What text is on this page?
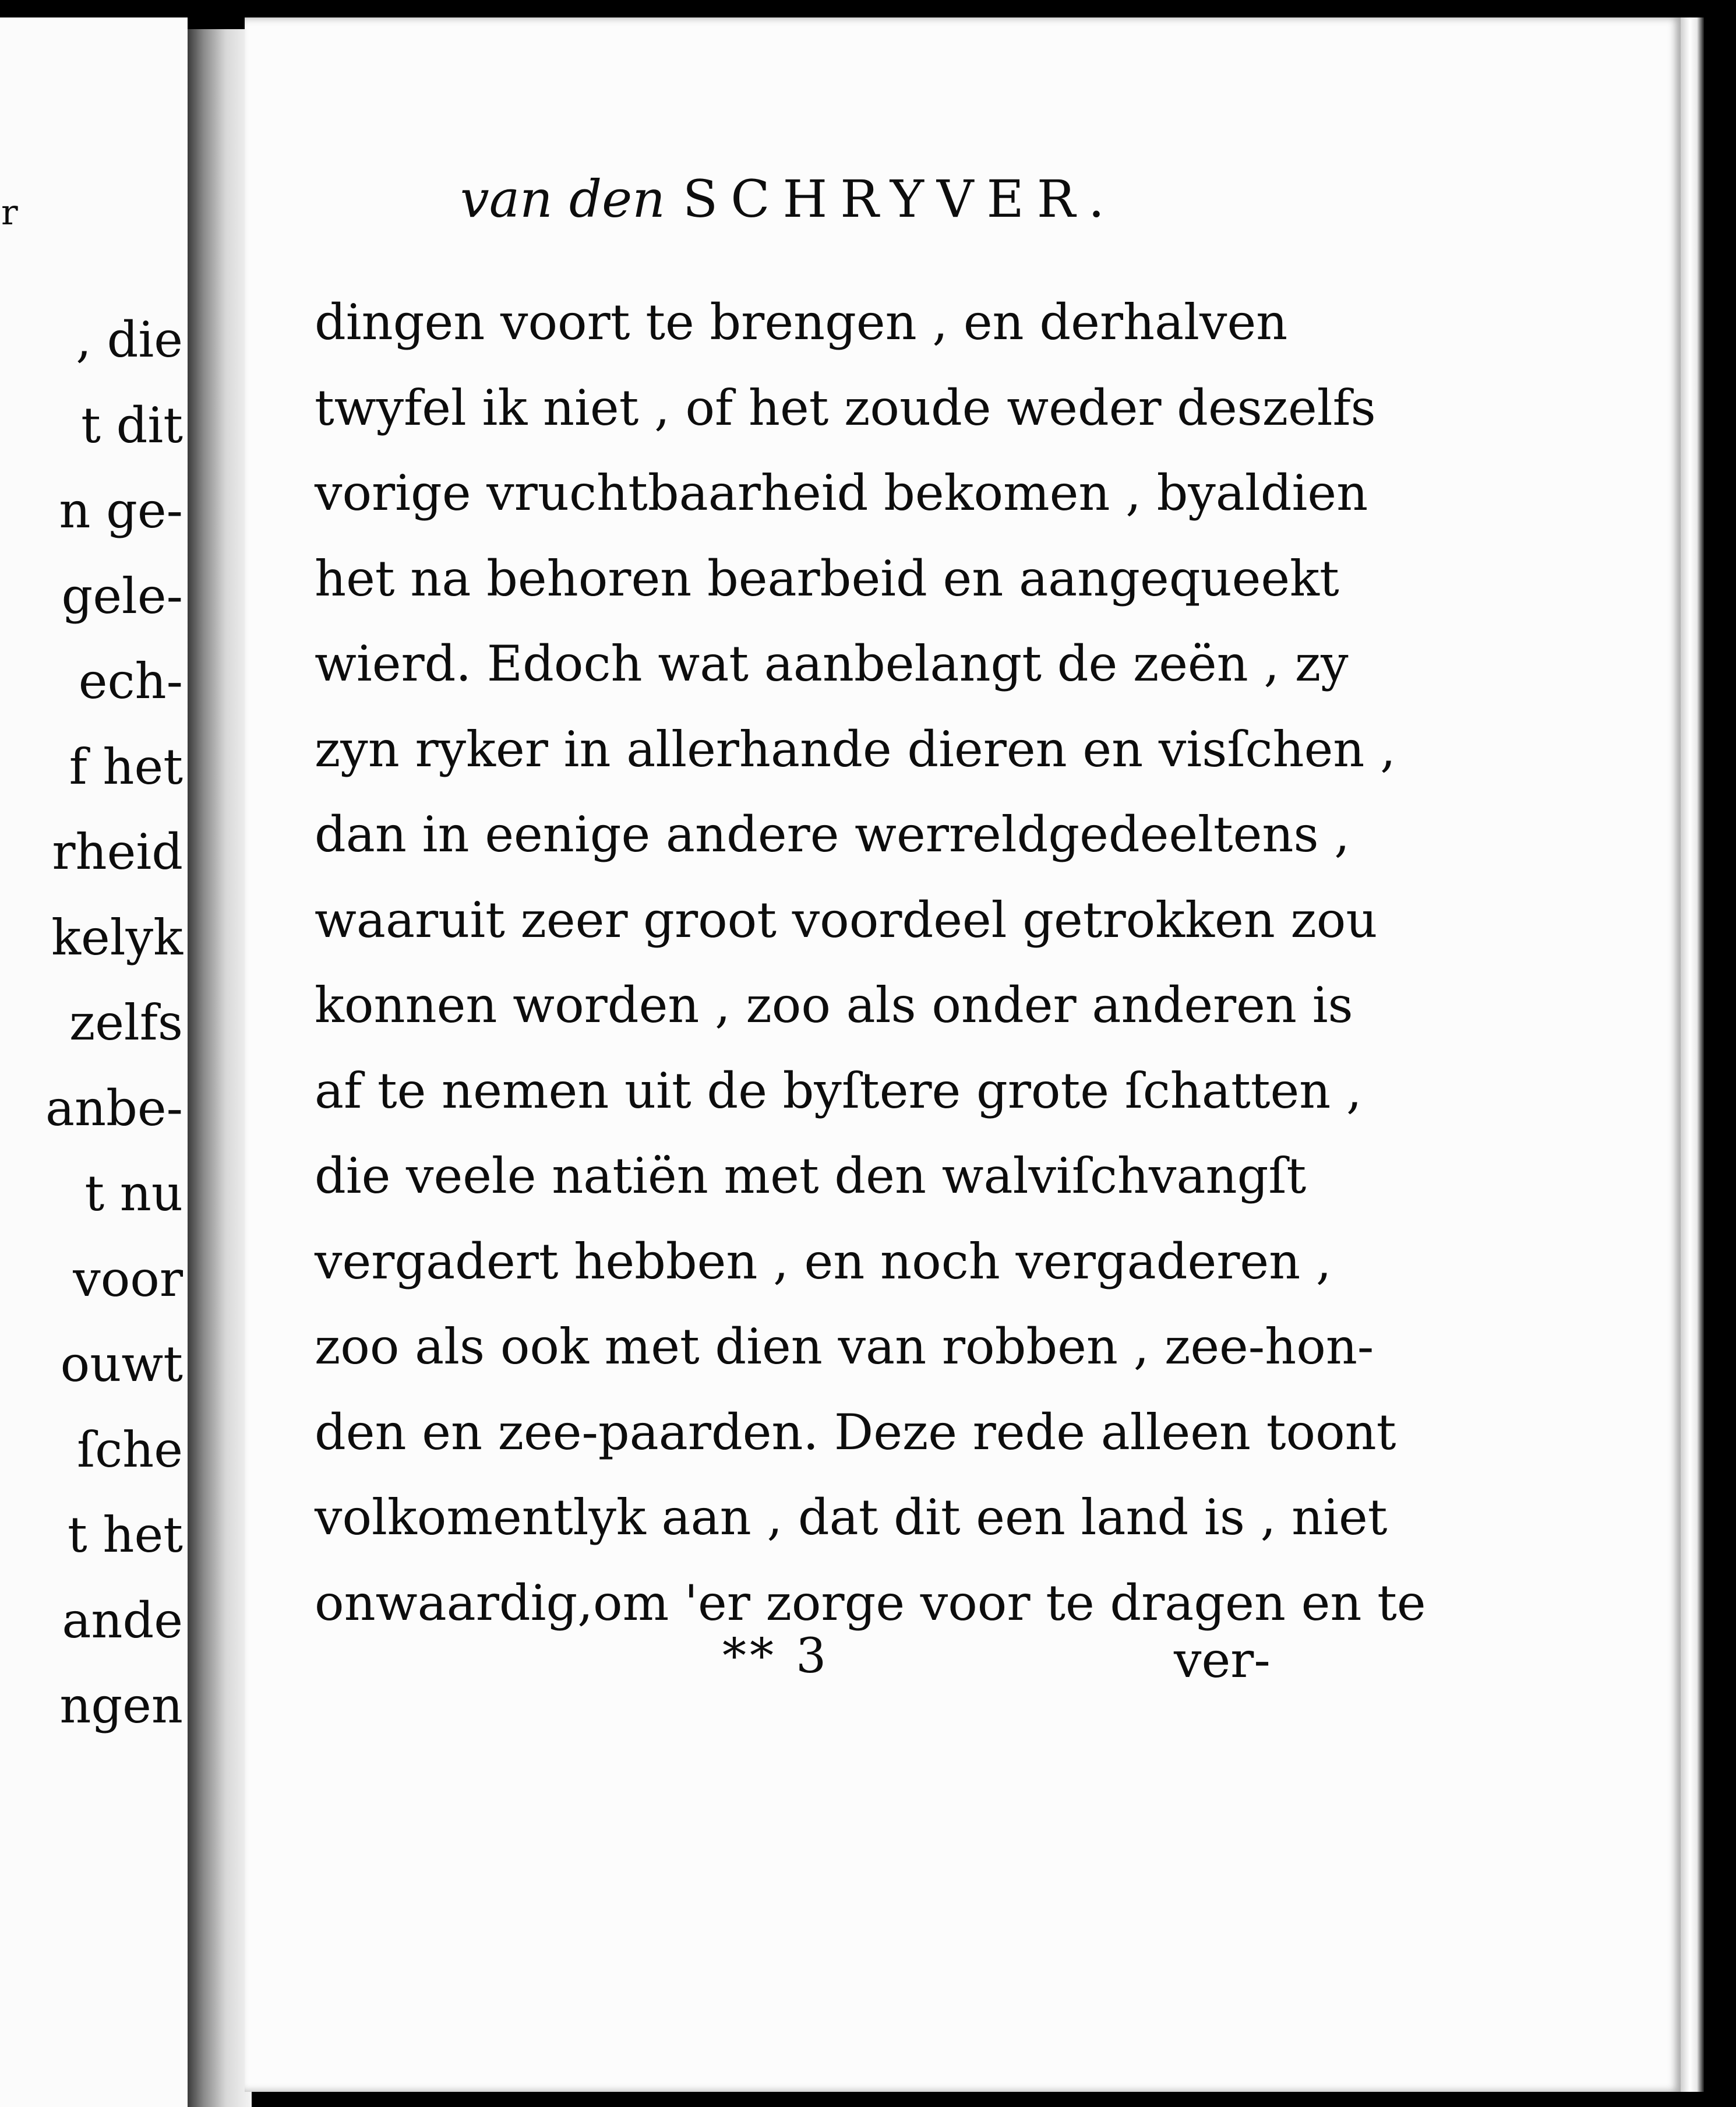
r
, die
t dit
n ge-
gele-
ech-
f het
rheid
kelyk
zelfs
anbe-
t nu
voor
ouwt
ſche
t het
ande
ngen
van den SCHRYVER.
dingen voort te brengen , en derhalven
twyfel ik niet , of het zoude weder deszelfs
vorige vruchtbaarheid bekomen , byaldien
het na behoren bearbeid en aangequeekt
wierd. Edoch wat aanbelangt de zeën , zy
zyn ryker in allerhande dieren en visſchen ,
dan in eenige andere werreldgedeeltens ,
waaruit zeer groot voordeel getrokken zou
konnen worden , zoo als onder anderen is
af te nemen uit de byſtere grote ſchatten ,
die veele natiën met den walviſchvangſt
vergadert hebben , en noch vergaderen ,
zoo als ook met dien van robben , zee-hon-
den en zee-paarden. Deze rede alleen toont
volkomentlyk aan , dat dit een land is , niet
onwaardig,om 'er zorge voor te dragen en te
** 3	ver-
